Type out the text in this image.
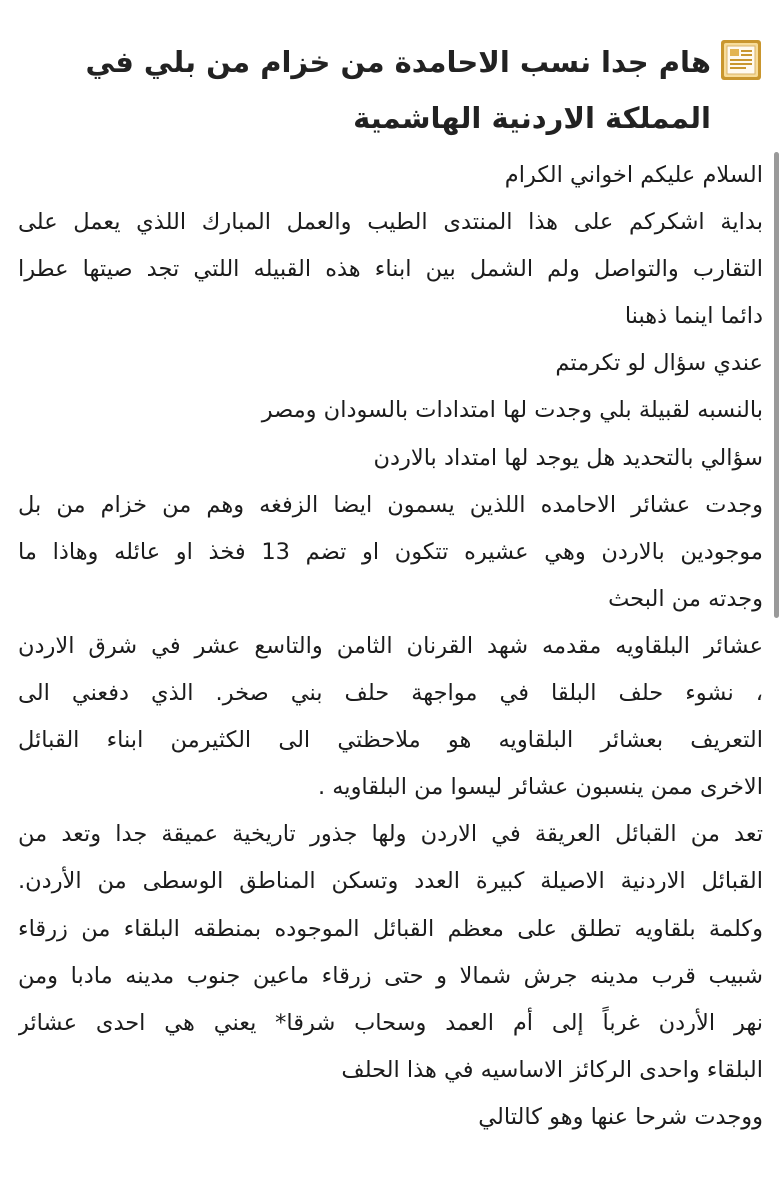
هام جدا نسب الاحامدة من خزام من بلي في المملكة الاردنية الهاشمية
السلام عليكم اخواني الكرام
بداية اشكركم على هذا المنتدى الطيب والعمل المبارك اللذي يعمل على
التقارب والتواصل ولم الشمل بين ابناء هذه القبيله اللتي تجد صيتها عطرا
دائما اينما ذهبنا
عندي سؤال لو تكرمتم
بالنسبه لقبيلة بلي وجدت لها امتدادات بالسودان ومصر
سؤالي بالتحديد هل يوجد لها امتداد بالاردن
وجدت عشائر الاحامده اللذين يسمون ايضا الزفغه وهم من خزام من بل
موجودين بالاردن وهي عشيره تتكون او تضم 13 فخذ او عائله وهاذا ما
وجدته من البحث
عشائر البلقاويه مقدمه شهد القرنان الثامن والتاسع عشر في شرق الاردن
، نشوء حلف البلقا في مواجهة حلف بني صخر. الذي دفعني الى
التعريف بعشائر البلقاويه هو ملاحظتي الى الكثيرمن ابناء القبائل
الاخرى ممن ينسبون عشائر ليسوا من البلقاويه .
تعد من القبائل العريقة في الاردن ولها جذور تاريخية عميقة جدا وتعد من
القبائل الاردنية الاصيلة كبيرة العدد وتسكن المناطق الوسطى من الأردن.
وكلمة بلقاويه تطلق على معظم القبائل الموجوده بمنطقه البلقاء من زرقاء
شبيب قرب مدينه جرش شمالا و حتى زرقاء ماعين جنوب مدينه مادبا ومن
نهر الأردن غرباً إلى أم العمد وسحاب شرقا* يعني هي احدى عشائر
البلقاء واحدى الركائز الاساسيه في هذا الحلف
ووجدت شرحا عنها وهو كالتالي
